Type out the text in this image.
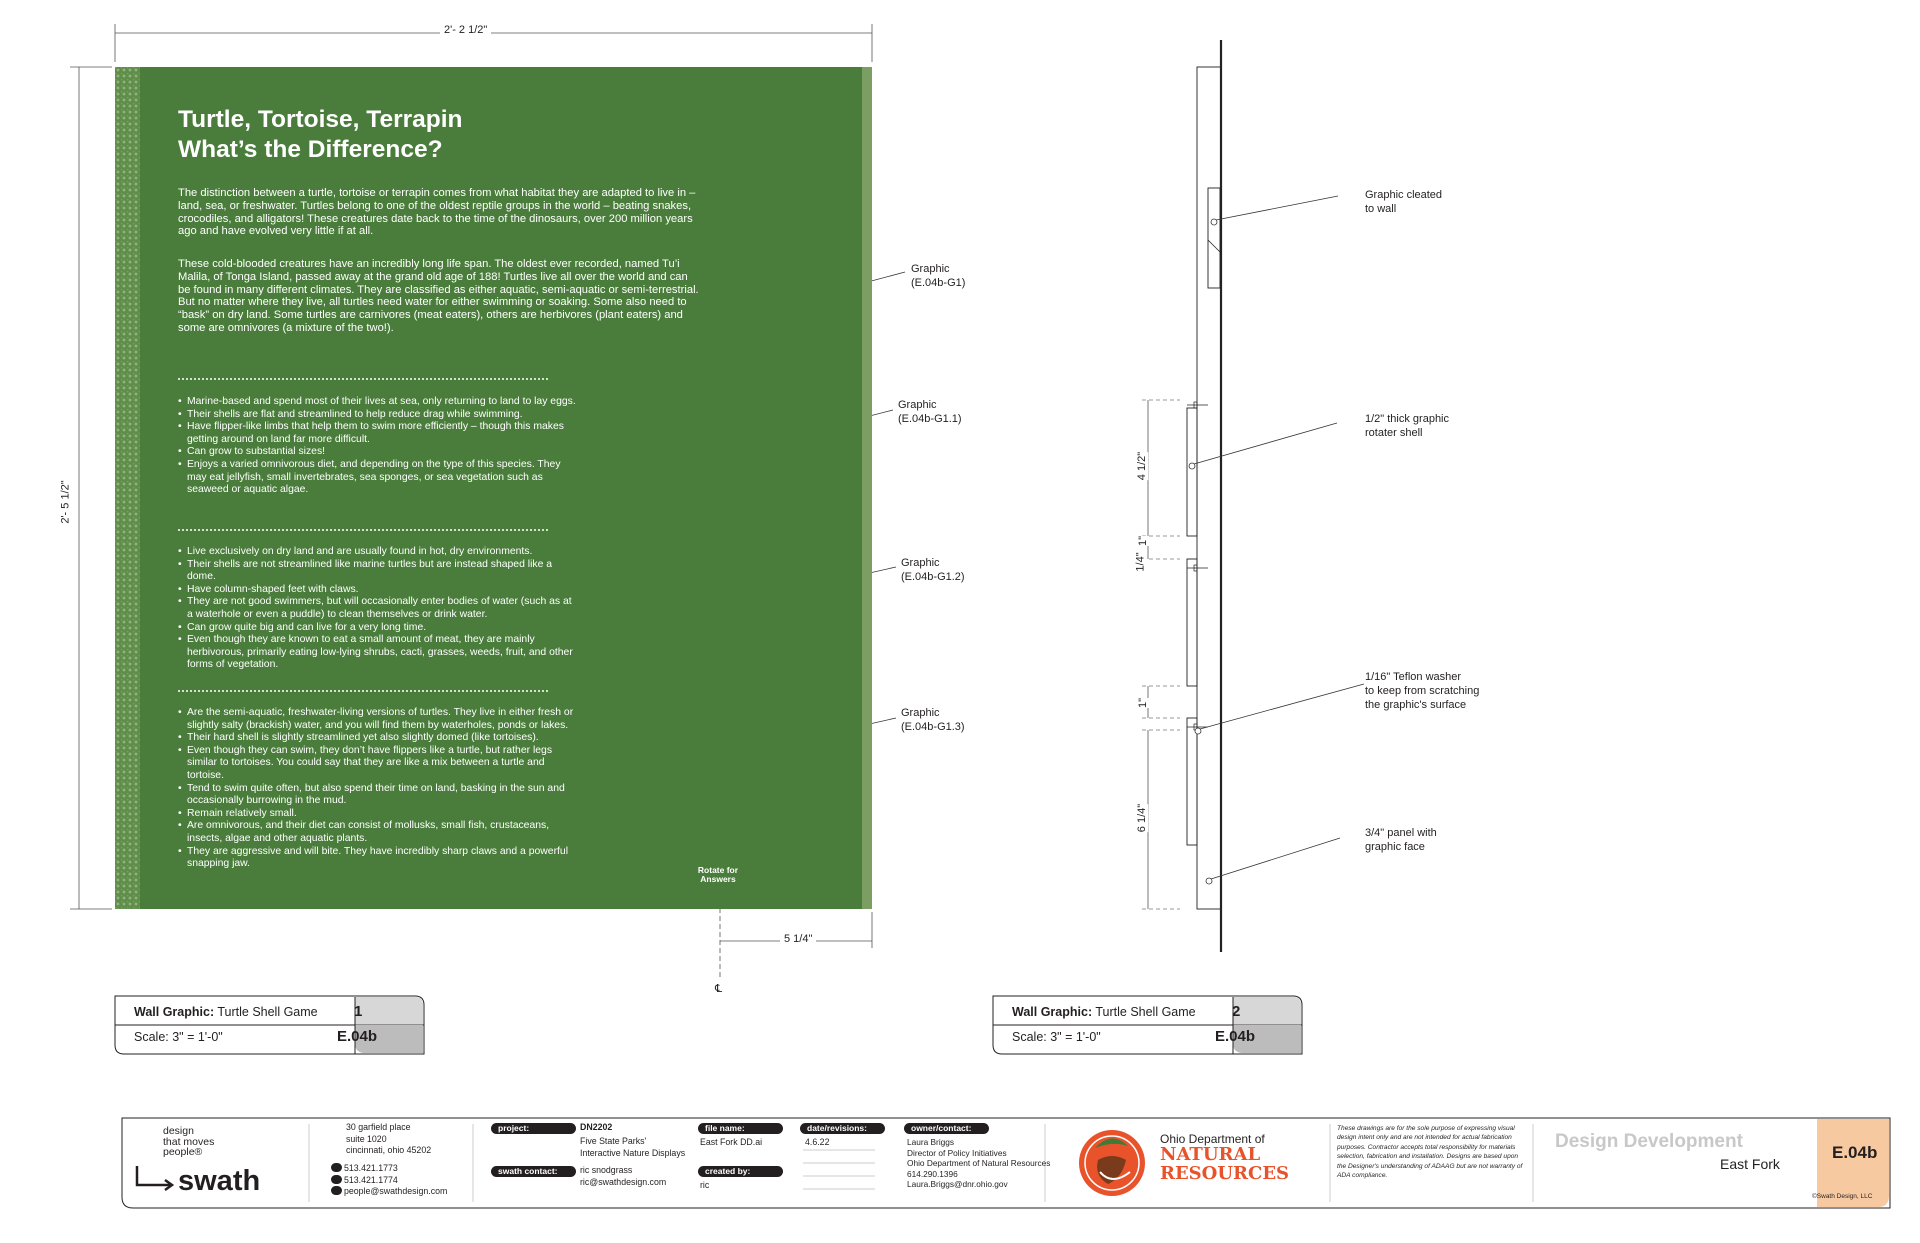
Turtle, Tortoise, Terrapin
What’s the Difference?
The distinction between a turtle, tortoise or terrapin comes from what habitat they are adapted to live in – land, sea, or freshwater. Turtles belong to one of the oldest reptile groups in the world – beating snakes, crocodiles, and alligators! These creatures date back to the time of the dinosaurs, over 200 million years ago and have evolved very little if at all.
These cold-blooded creatures have an incredibly long life span. The oldest ever recorded, named Tu’i Malila, of Tonga Island, passed away at the grand old age of 188! Turtles live all over the world and can be found in many different climates. They are classified as either aquatic, semi-aquatic or semi-terrestrial. But no matter where they live, all turtles need water for either swimming or soaking. Some also need to “bask” on dry land. Some turtles are carnivores (meat eaters), others are herbivores (plant eaters) and some are omnivores (a mixture of the two!).
• Marine-based and spend most of their lives at sea, only returning to land to lay eggs.
• Their shells are flat and streamlined to help reduce drag while swimming.
• Have flipper-like limbs that help them to swim more efficiently – though this makes getting around on land far more difficult.
• Can grow to substantial sizes!
• Enjoys a varied omnivorous diet, and depending on the type of this species. They may eat jellyfish, small invertebrates, sea sponges, or sea vegetation such as seaweed or aquatic algae.
• Live exclusively on dry land and are usually found in hot, dry environments.
• Their shells are not streamlined like marine turtles but are instead shaped like a dome.
• Have column-shaped feet with claws.
• They are not good swimmers, but will occasionally enter bodies of water (such as at a waterhole or even a puddle) to clean themselves or drink water.
• Can grow quite big and can live for a very long time.
• Even though they are known to eat a small amount of meat, they are mainly herbivorous, primarily eating low-lying shrubs, cacti, grasses, weeds, fruit, and other forms of vegetation.
• Are the semi-aquatic, freshwater-living versions of turtles. They live in either fresh or slightly salty (brackish) water, and you will find them by waterholes, ponds or lakes.
• Their hard shell is slightly streamlined yet also slightly domed (like tortoises).
• Even though they can swim, they don’t have flippers like a turtle, but rather legs similar to tortoises. You could say that they are like a mix between a turtle and tortoise.
• Tend to swim quite often, but also spend their time on land, basking in the sun and occasionally burrowing in the mud.
• Remain relatively small.
• Are omnivorous, and their diet can consist of mollusks, small fish, crustaceans, insects, algae and other aquatic plants.
• They are aggressive and will bite. They have incredibly sharp claws and a powerful snapping jaw.
Rotate for Answers
2'- 2 1/2"
2'- 5 1/2"
5 1/4"
℄
4 1/2"
1"
1/4"
1"
6 1/4"
Graphic
(E.04b-G1)
Graphic
(E.04b-G1.1)
Graphic
(E.04b-G1.2)
Graphic
(E.04b-G1.3)
Graphic cleated
to wall
1/2" thick graphic
rotater shell
1/16" Teflon washer
to keep from scratching
the graphic's surface
3/4" panel with
graphic face
Wall Graphic: Turtle Shell Game
Scale: 3" = 1'-0"
1
E.04b
Wall Graphic: Turtle Shell Game
Scale: 3" = 1'-0"
2
E.04b
design
that moves
people®
swath
30 garfield place
suite 1020
cincinnati, ohio 45202
513.421.1773
513.421.1774
people@swathdesign.com
project:	DN2202
Five State Parks'
Interactive Nature Displays
swath contact:	ric snodgrass
ric@swathdesign.com
file name:
East Fork DD.ai
created by:
ric
date/revisions:
4.6.22
owner/contact:
Laura Briggs
Director of Policy Initiatives
Ohio Department of Natural Resources
614.290.1396
Laura.Briggs@dnr.ohio.gov
Ohio Department of
NATURAL
RESOURCES
These drawings are for the sole purpose of expressing visual design intent only and are not intended for actual fabrication purposes. Contractor accepts total responsibility for materials selection, fabrication and installation. Designs are based upon the Designer's understanding of ADAAG but are not warranty of ADA compliance.
Design Development
East Fork
E.04b
©Swath Design, LLC
